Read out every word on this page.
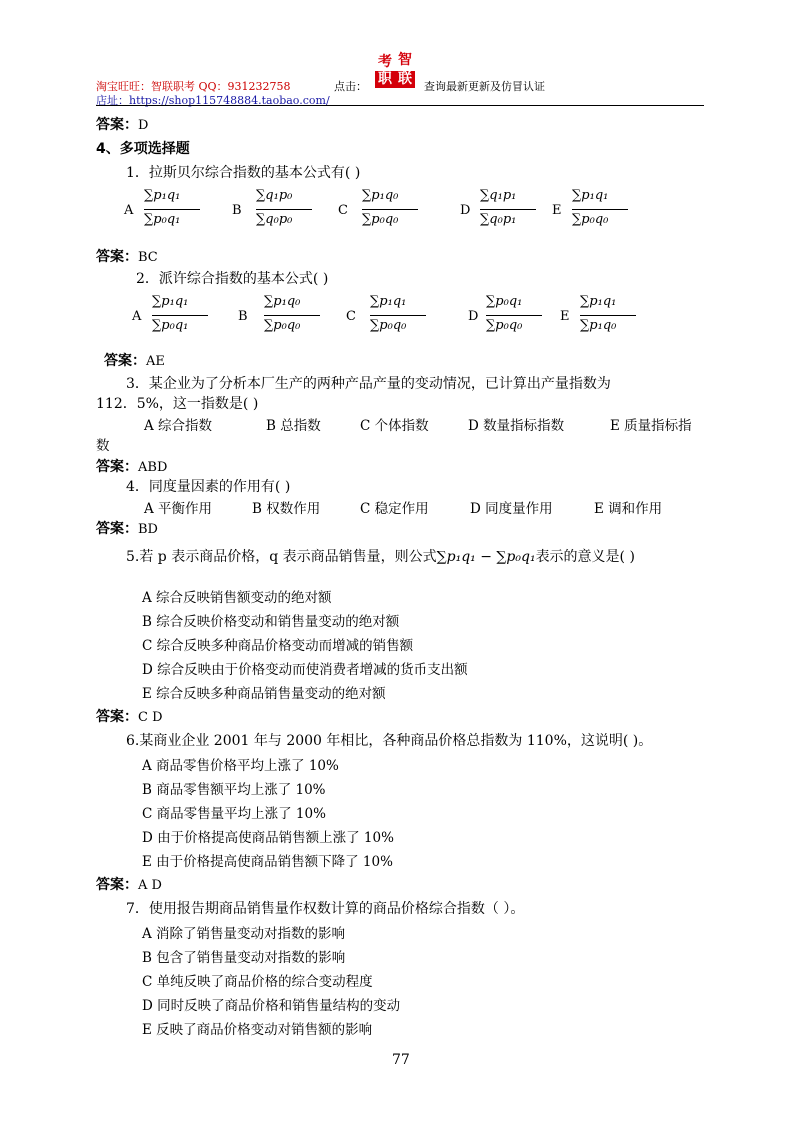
淘宝旺旺：智联职考 QQ：931232758	点击：
考 智
职 联 查询最新更新及仿冒认证
店址：https://shop115748884.taobao.com/
答案：D
4、多项选择题
1．拉斯贝尔综合指数的基本公式有( )
A
∑p₁q₁
∑p₀q₁
B
∑q₁p₀
∑q₀p₀
C
∑p₁q₀
∑p₀q₀
D
∑q₁p₁
∑q₀p₁
E
∑p₁q₁
∑p₀q₀
答案：BC
2．派许综合指数的基本公式( )
A
∑p₁q₁
∑p₀q₁
B
∑p₁q₀
∑p₀q₀
C
∑p₁q₁
∑p₀q₀
D
∑p₀q₁
∑p₀q₀
E
∑p₁q₁
∑p₁q₀
答案：AE
3．某企业为了分析本厂生产的两种产品产量的变动情况，已计算出产量指数为
112．5%，这一指数是( )
A 综合指数	B 总指数	C 个体指数	D 数量指标指数	E 质量指标指
数
答案：ABD
4．同度量因素的作用有( )
A 平衡作用	B 权数作用	C 稳定作用	D 同度量作用	E 调和作用
答案：BD
5.若 p 表示商品价格，q 表示商品销售量，则公式∑p₁q₁ − ∑p₀q₁表示的意义是( )
A 综合反映销售额变动的绝对额
B 综合反映价格变动和销售量变动的绝对额
C 综合反映多种商品价格变动而增减的销售额
D 综合反映由于价格变动而使消费者增减的货币支出额
E 综合反映多种商品销售量变动的绝对额
答案：C D
6.某商业企业 2001 年与 2000 年相比，各种商品价格总指数为 110%，这说明( )。
A 商品零售价格平均上涨了 10%
B 商品零售额平均上涨了 10%
C 商品零售量平均上涨了 10%
D 由于价格提高使商品销售额上涨了 10%
E 由于价格提高使商品销售额下降了 10%
答案：A D
7．使用报告期商品销售量作权数计算的商品价格综合指数（ ）。
A 消除了销售量变动对指数的影响
B 包含了销售量变动对指数的影响
C 单纯反映了商品价格的综合变动程度
D 同时反映了商品价格和销售量结构的变动
E 反映了商品价格变动对销售额的影响
77
